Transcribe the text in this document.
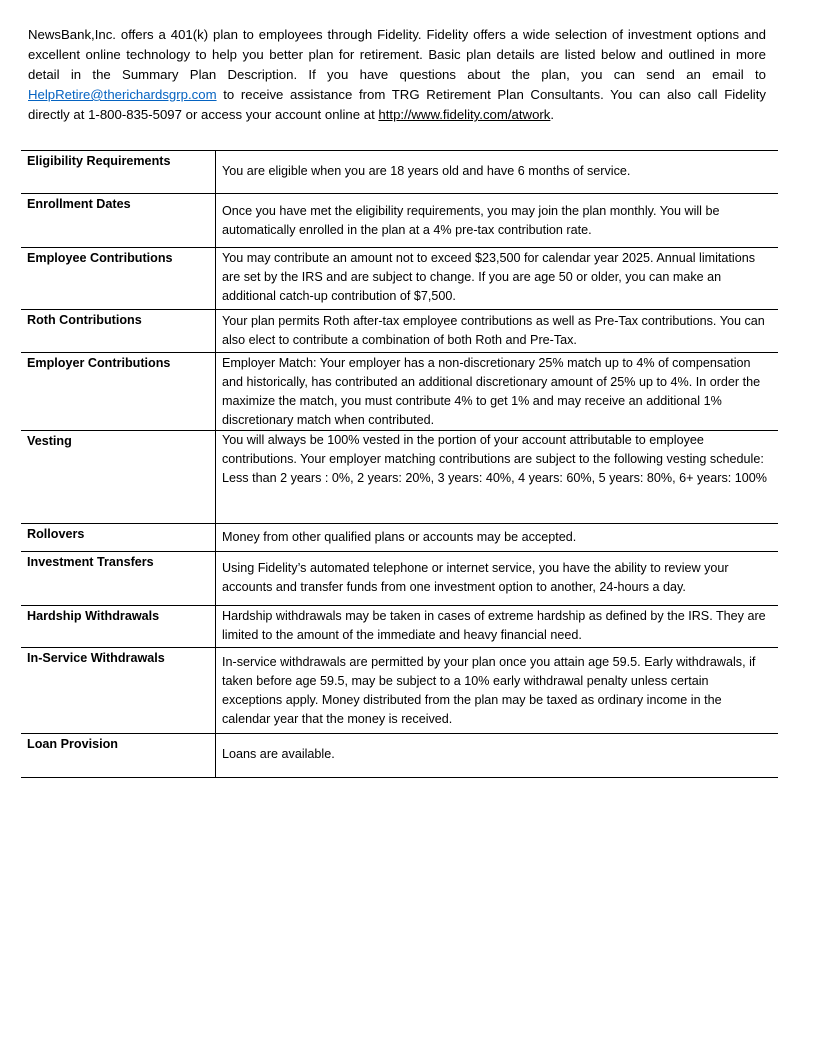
NewsBank,Inc. offers a 401(k) plan to employees through Fidelity. Fidelity offers a wide selection of investment options and excellent online technology to help you better plan for retirement. Basic plan details are listed below and outlined in more detail in the Summary Plan Description. If you have questions about the plan, you can send an email to HelpRetire@therichardsgrp.com to receive assistance from TRG Retirement Plan Consultants. You can also call Fidelity directly at 1-800-835-5097 or access your account online at http://www.fidelity.com/atwork.
Eligibility Requirements	You are eligible when you are 18 years old and have 6 months of service.

Enrollment Dates	Once you have met the eligibility requirements, you may join the plan monthly. You will be automatically enrolled in the plan at a 4% pre-tax contribution rate.

Employee Contributions	You may contribute an amount not to exceed $23,500 for calendar year 2025. Annual limitations are set by the IRS and are subject to change. If you are age 50 or older, you can make an additional catch-up contribution of $7,500.

Roth Contributions	Your plan permits Roth after-tax employee contributions as well as Pre-Tax contributions. You can also elect to contribute a combination of both Roth and Pre-Tax.

Employer Contributions	Employer Match: Your employer has a non-discretionary 25% match up to 4% of compensation and historically, has contributed an additional discretionary amount of 25% up to 4%. In order the maximize the match, you must contribute 4% to get 1% and may receive an additional 1% discretionary match when contributed.

Vesting	You will always be 100% vested in the portion of your account attributable to employee contributions. Your employer matching contributions are subject to the following vesting schedule: Less than 2 years : 0%, 2 years: 20%, 3 years: 40%, 4 years: 60%, 5 years: 80%, 6+ years: 100%

Rollovers	Money from other qualified plans or accounts may be accepted.

Investment Transfers	Using Fidelity’s automated telephone or internet service, you have the ability to review your accounts and transfer funds from one investment option to another, 24-hours a day.

Hardship Withdrawals	Hardship withdrawals may be taken in cases of extreme hardship as defined by the IRS. They are limited to the amount of the immediate and heavy financial need.

In-Service Withdrawals	In-service withdrawals are permitted by your plan once you attain age 59.5. Early withdrawals, if taken before age 59.5, may be subject to a 10% early withdrawal penalty unless certain exceptions apply. Money distributed from the plan may be taxed as ordinary income in the calendar year that the money is received.

Loan Provision	Loans are available.
